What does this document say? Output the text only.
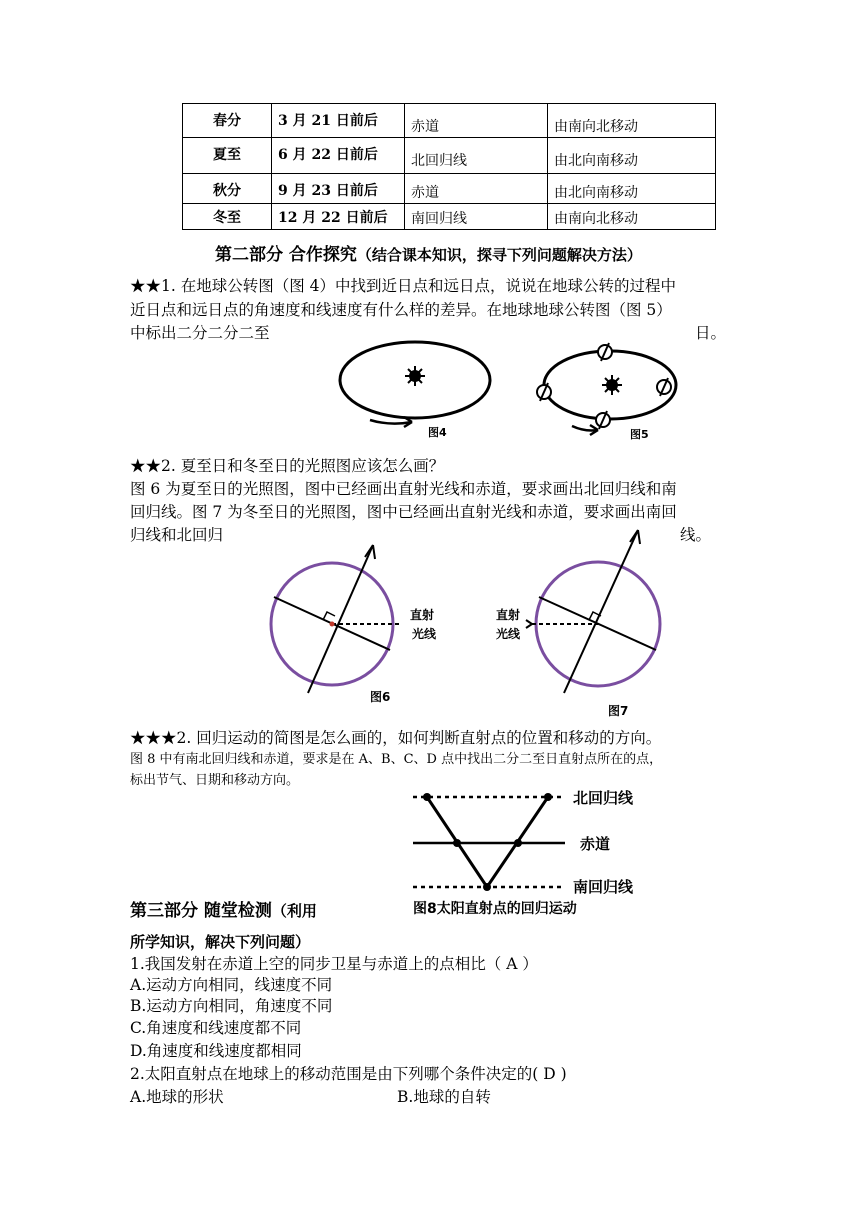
春分	3 月 21 日前后	赤道	由南向北移动
夏至	6 月 22 日前后	北回归线	由北向南移动
秋分	9 月 23 日前后	赤道	由北向南移动
冬至	12 月 22 日前后	南回归线	由南向北移动
第二部分 合作探究（结合课本知识，探寻下列问题解决方法）
★★1. 在地球公转图（图 4）中找到近日点和远日点，说说在地球公转的过程中
近日点和远日点的角速度和线速度有什么样的差异。在地球地球公转图（图 5）
中标出二分二分二至	日。
图4	图5
★★2. 夏至日和冬至日的光照图应该怎么画？
图 6 为夏至日的光照图，图中已经画出直射光线和赤道，要求画出北回归线和南
回归线。图 7 为冬至日的光照图，图中已经画出直射光线和赤道，要求画出南回
归线和北回归	线。
直射
光线
图6
直射
光线
图7
★★★2. 回归运动的简图是怎么画的，如何判断直射点的位置和移动的方向。
图 8 中有南北回归线和赤道，要求是在 A、B、C、D 点中找出二分二至日直射点所在的点，
标出节气、日期和移动方向。
北回归线
赤道
南回归线
图8太阳直射点的回归运动
第三部分 随堂检测（利用
所学知识，解决下列问题）
1.我国发射在赤道上空的同步卫星与赤道上的点相比（ A ）
A.运动方向相同，线速度不同
B.运动方向相同，角速度不同
C.角速度和线速度都不同
D.角速度和线速度都相同
2.太阳直射点在地球上的移动范围是由下列哪个条件决定的( D )
A.地球的形状	B.地球的自转
